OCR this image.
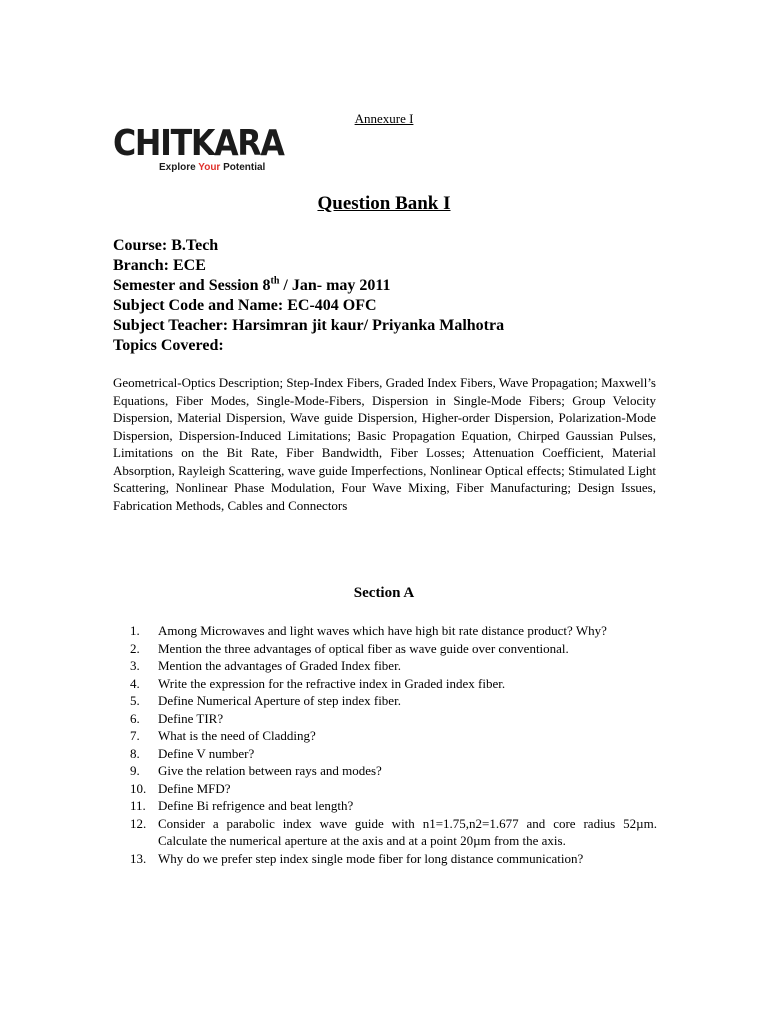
Annexure I
CHITKARA
Explore Your Potential
Question Bank I
Course: B.Tech
Branch: ECE
Semester and Session 8th / Jan- may 2011
Subject Code and Name: EC-404 OFC
Subject Teacher: Harsimran jit kaur/ Priyanka Malhotra
Topics Covered:
Geometrical-Optics Description; Step-Index Fibers, Graded Index Fibers, Wave Propagation; Maxwell’s Equations, Fiber Modes, Single-Mode-Fibers, Dispersion in Single-Mode Fibers; Group Velocity Dispersion, Material Dispersion, Wave guide Dispersion, Higher-order Dispersion, Polarization-Mode Dispersion, Dispersion-Induced Limitations; Basic Propagation Equation, Chirped Gaussian Pulses, Limitations on the Bit Rate, Fiber Bandwidth, Fiber Losses; Attenuation Coefficient, Material Absorption, Rayleigh Scattering, wave guide Imperfections, Nonlinear Optical effects; Stimulated Light Scattering, Nonlinear Phase Modulation, Four Wave Mixing, Fiber Manufacturing; Design Issues, Fabrication Methods, Cables and Connectors
Section A
1.	Among Microwaves and light waves which have high bit rate distance product? Why?
2.	Mention the three advantages of optical fiber as wave guide over conventional.
3.	Mention the advantages of Graded Index fiber.
4.	Write the expression for the refractive index in Graded index fiber.
5.	Define Numerical Aperture of step index fiber.
6.	Define TIR?
7.	What is the need of Cladding?
8.	Define V number?
9.	Give the relation between rays and modes?
10. Define MFD?
11. Define Bi refrigence and beat length?
12. Consider a parabolic index wave guide with n1=1.75,n2=1.677 and core radius 52µm. Calculate the numerical aperture at the axis and at a point 20µm from the axis.
13. Why do we prefer step index single mode fiber for long distance communication?
